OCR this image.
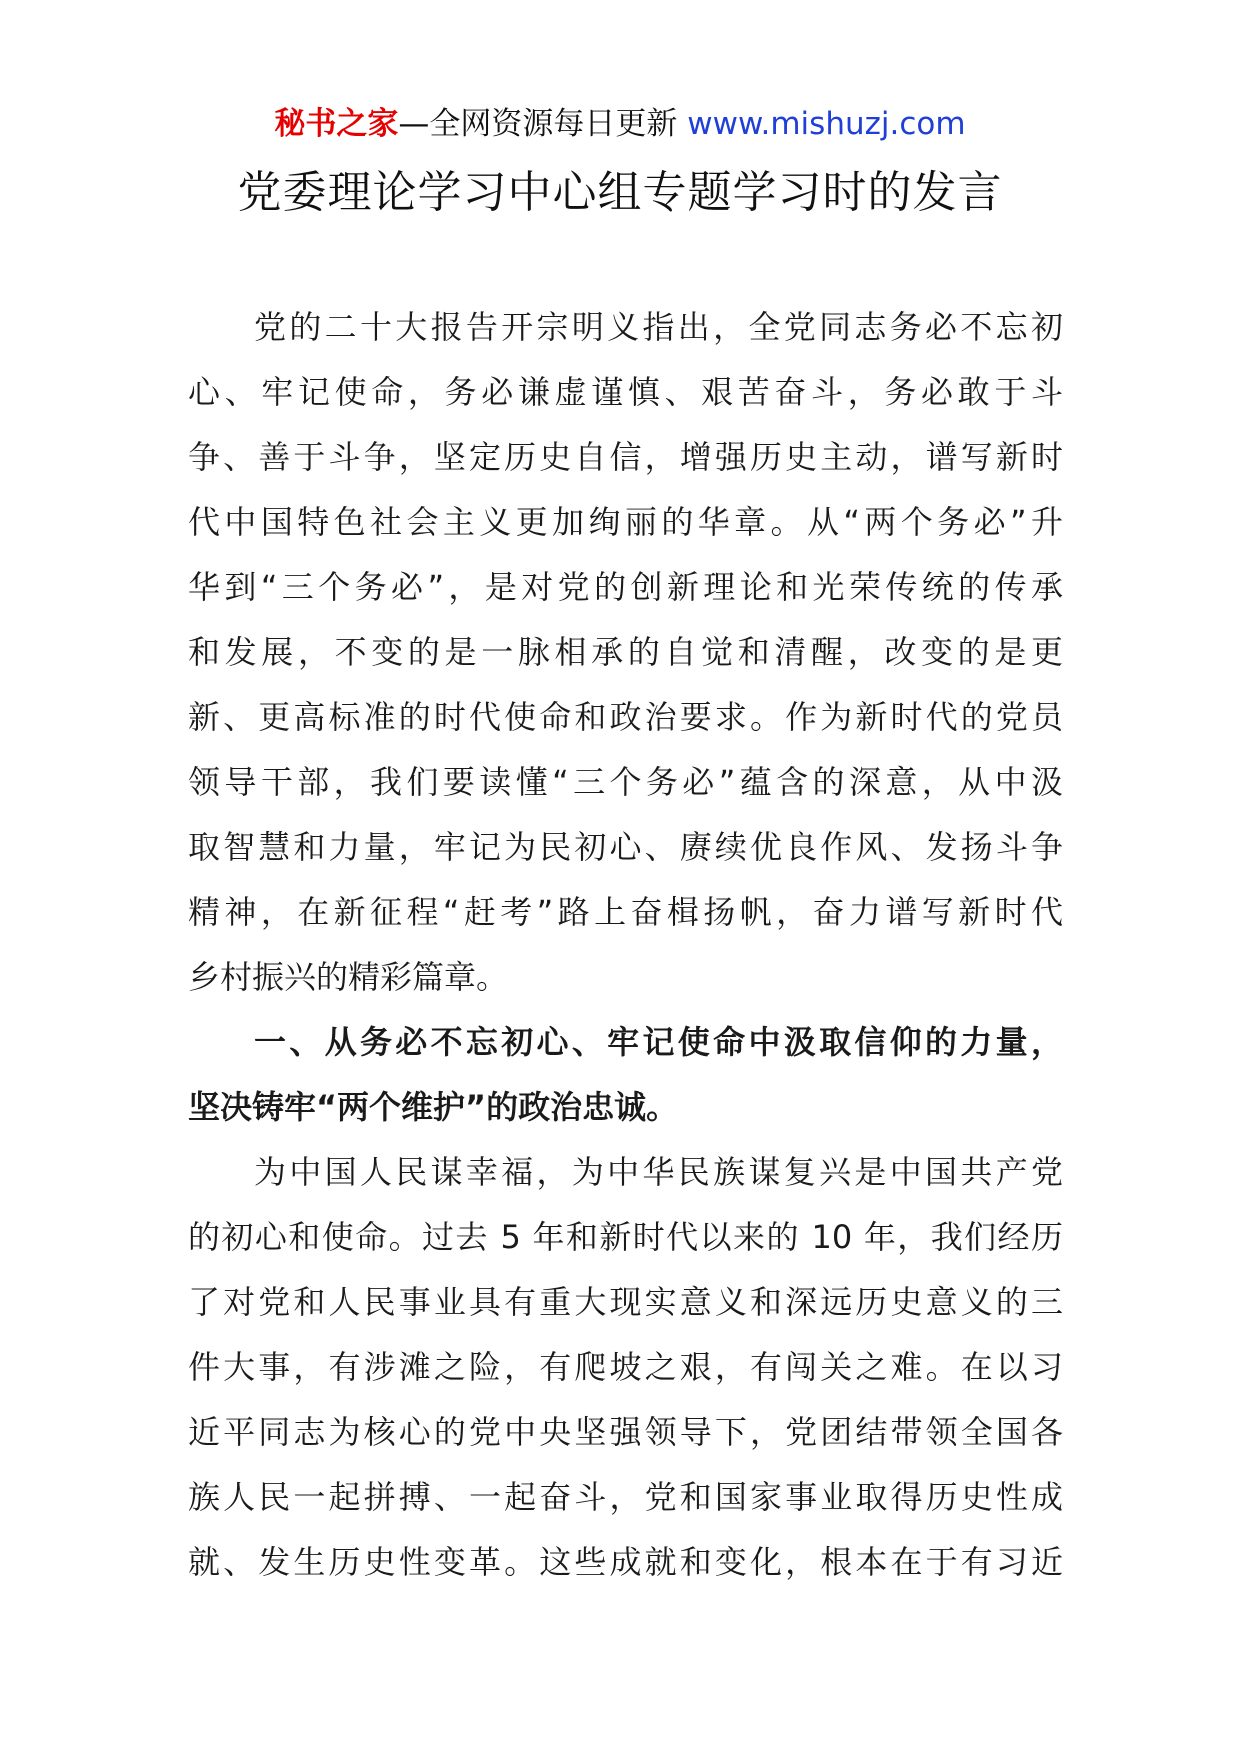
秘书之家—全网资源每日更新 www.mishuzj.com
党委理论学习中心组专题学习时的发言
党的二十大报告开宗明义指出，全党同志务必不忘初
心、牢记使命，务必谦虚谨慎、艰苦奋斗，务必敢于斗
争、善于斗争，坚定历史自信，增强历史主动，谱写新时
代中国特色社会主义更加绚丽的华章。从“两个务必”升
华到“三个务必”，是对党的创新理论和光荣传统的传承
和发展，不变的是一脉相承的自觉和清醒，改变的是更
新、更高标准的时代使命和政治要求。作为新时代的党员
领导干部，我们要读懂“三个务必”蕴含的深意，从中汲
取智慧和力量，牢记为民初心、赓续优良作风、发扬斗争
精神，在新征程“赶考”路上奋楫扬帆，奋力谱写新时代
乡村振兴的精彩篇章。
一、从务必不忘初心、牢记使命中汲取信仰的力量，
坚决铸牢“两个维护”的政治忠诚。
为中国人民谋幸福，为中华民族谋复兴是中国共产党
的初心和使命。过去 5 年和新时代以来的 10 年，我们经历
了对党和人民事业具有重大现实意义和深远历史意义的三
件大事，有涉滩之险，有爬坡之艰，有闯关之难。在以习
近平同志为核心的党中央坚强领导下，党团结带领全国各
族人民一起拼搏、一起奋斗，党和国家事业取得历史性成
就、发生历史性变革。这些成就和变化，根本在于有习近
